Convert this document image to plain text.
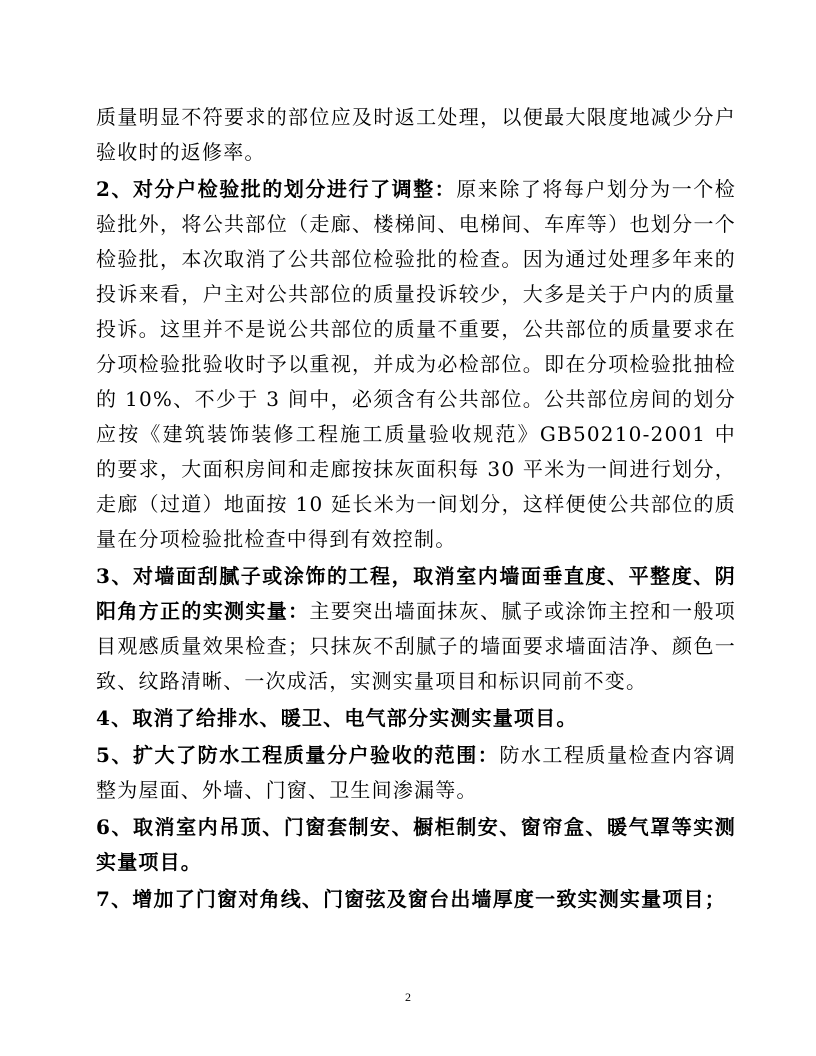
质量明显不符要求的部位应及时返工处理，以便最大限度地减少分户验收时的返修率。

2、对分户检验批的划分进行了调整：原来除了将每户划分为一个检验批外，将公共部位（走廊、楼梯间、电梯间、车库等）也划分一个检验批，本次取消了公共部位检验批的检查。因为通过处理多年来的投诉来看，户主对公共部位的质量投诉较少，大多是关于户内的质量投诉。这里并不是说公共部位的质量不重要，公共部位的质量要求在分项检验批验收时予以重视，并成为必检部位。即在分项检验批抽检的 10%、不少于 3 间中，必须含有公共部位。公共部位房间的划分应按《建筑装饰装修工程施工质量验收规范》GB50210-2001 中的要求，大面积房间和走廊按抹灰面积每 30 平米为一间进行划分，走廊（过道）地面按 10 延长米为一间划分，这样便使公共部位的质量在分项检验批检查中得到有效控制。

3、对墙面刮腻子或涂饰的工程，取消室内墙面垂直度、平整度、阴阳角方正的实测实量：主要突出墙面抹灰、腻子或涂饰主控和一般项目观感质量效果检查；只抹灰不刮腻子的墙面要求墙面洁净、颜色一致、纹路清晰、一次成活，实测实量项目和标识同前不变。

4、取消了给排水、暖卫、电气部分实测实量项目。

5、扩大了防水工程质量分户验收的范围：防水工程质量检查内容调整为屋面、外墙、门窗、卫生间渗漏等。

6、取消室内吊顶、门窗套制安、橱柜制安、窗帘盒、暖气罩等实测实量项目。

7、增加了门窗对角线、门窗弦及窗台出墙厚度一致实测实量项目；

2
